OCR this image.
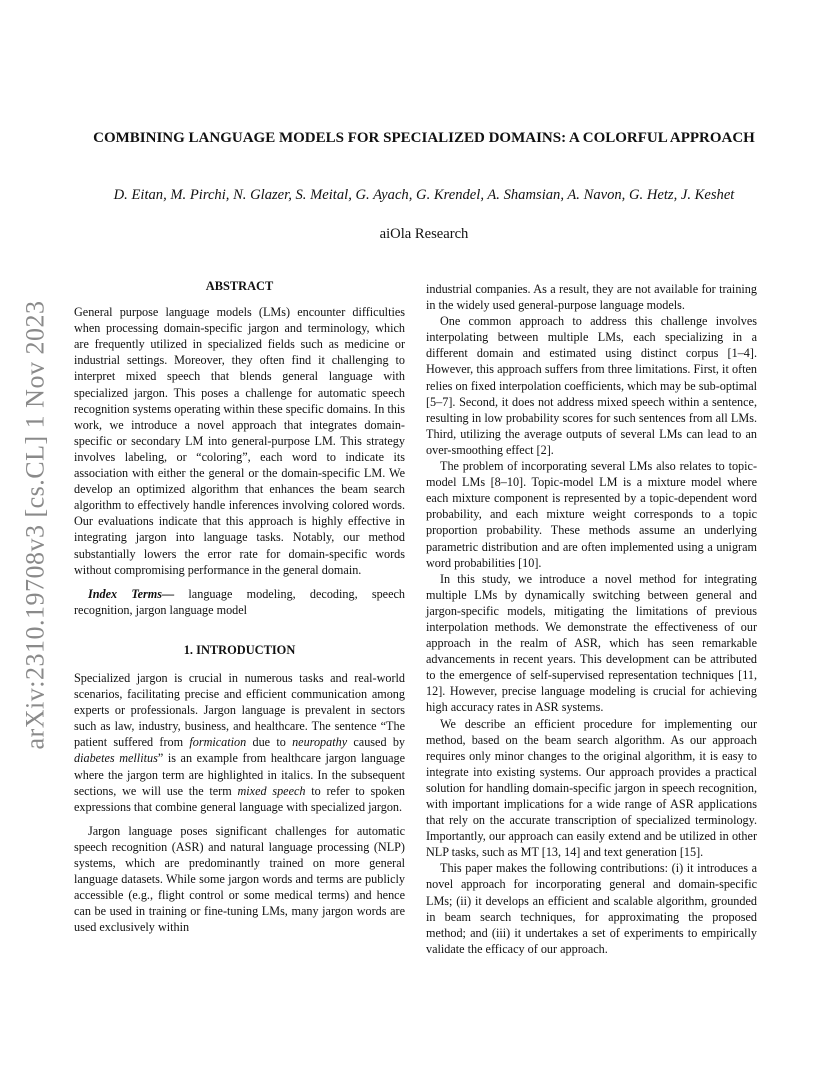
arXiv:2310.19708v3 [cs.CL] 1 Nov 2023
COMBINING LANGUAGE MODELS FOR SPECIALIZED DOMAINS: A COLORFUL APPROACH
D. Eitan, M. Pirchi, N. Glazer, S. Meital, G. Ayach, G. Krendel, A. Shamsian, A. Navon, G. Hetz, J. Keshet
aiOla Research
ABSTRACT

General purpose language models (LMs) encounter difficulties when processing domain-specific jargon and terminology, which are frequently utilized in specialized fields such as medicine or industrial settings. Moreover, they often find it challenging to interpret mixed speech that blends general language with specialized jargon. This poses a challenge for automatic speech recognition systems operating within these specific domains. In this work, we introduce a novel approach that integrates domain-specific or secondary LM into general-purpose LM. This strategy involves labeling, or “coloring”, each word to indicate its association with either the general or the domain-specific LM. We develop an optimized algorithm that enhances the beam search algorithm to effectively handle inferences involving colored words. Our evaluations indicate that this approach is highly effective in integrating jargon into language tasks. Notably, our method substantially lowers the error rate for domain-specific words without compromising performance in the general domain.

Index Terms— language modeling, decoding, speech recognition, jargon language model

1. INTRODUCTION

Specialized jargon is crucial in numerous tasks and real-world scenarios, facilitating precise and efficient communication among experts or professionals. Jargon language is prevalent in sectors such as law, industry, business, and healthcare. The sentence “The patient suffered from formication due to neuropathy caused by diabetes mellitus” is an example from healthcare jargon language where the jargon term are highlighted in italics. In the subsequent sections, we will use the term mixed speech to refer to spoken expressions that combine general language with specialized jargon.

Jargon language poses significant challenges for automatic speech recognition (ASR) and natural language processing (NLP) systems, which are predominantly trained on more general language datasets. While some jargon words and terms are publicly accessible (e.g., flight control or some medical terms) and hence can be used in training or fine-tuning LMs, many jargon words are used exclusively within

industrial companies. As a result, they are not available for training in the widely used general-purpose language models.

One common approach to address this challenge involves interpolating between multiple LMs, each specializing in a different domain and estimated using distinct corpus [1–4]. However, this approach suffers from three limitations. First, it often relies on fixed interpolation coefficients, which may be sub-optimal [5–7]. Second, it does not address mixed speech within a sentence, resulting in low probability scores for such sentences from all LMs. Third, utilizing the average outputs of several LMs can lead to an over-smoothing effect [2].

The problem of incorporating several LMs also relates to topic-model LMs [8–10]. Topic-model LM is a mixture model where each mixture component is represented by a topic-dependent word probability, and each mixture weight corresponds to a topic proportion probability. These methods assume an underlying parametric distribution and are often implemented using a unigram word probabilities [10].

In this study, we introduce a novel method for integrating multiple LMs by dynamically switching between general and jargon-specific models, mitigating the limitations of previous interpolation methods. We demonstrate the effectiveness of our approach in the realm of ASR, which has seen remarkable advancements in recent years. This development can be attributed to the emergence of self-supervised representation techniques [11, 12]. However, precise language modeling is crucial for achieving high accuracy rates in ASR systems.

We describe an efficient procedure for implementing our method, based on the beam search algorithm. As our approach requires only minor changes to the original algorithm, it is easy to integrate into existing systems. Our approach provides a practical solution for handling domain-specific jargon in speech recognition, with important implications for a wide range of ASR applications that rely on the accurate transcription of specialized terminology. Importantly, our approach can easily extend and be utilized in other NLP tasks, such as MT [13, 14] and text generation [15].

This paper makes the following contributions: (i) it introduces a novel approach for incorporating general and domain-specific LMs; (ii) it develops an efficient and scalable algorithm, grounded in beam search techniques, for approximating the proposed method; and (iii) it undertakes a set of experiments to empirically validate the efficacy of our approach.
